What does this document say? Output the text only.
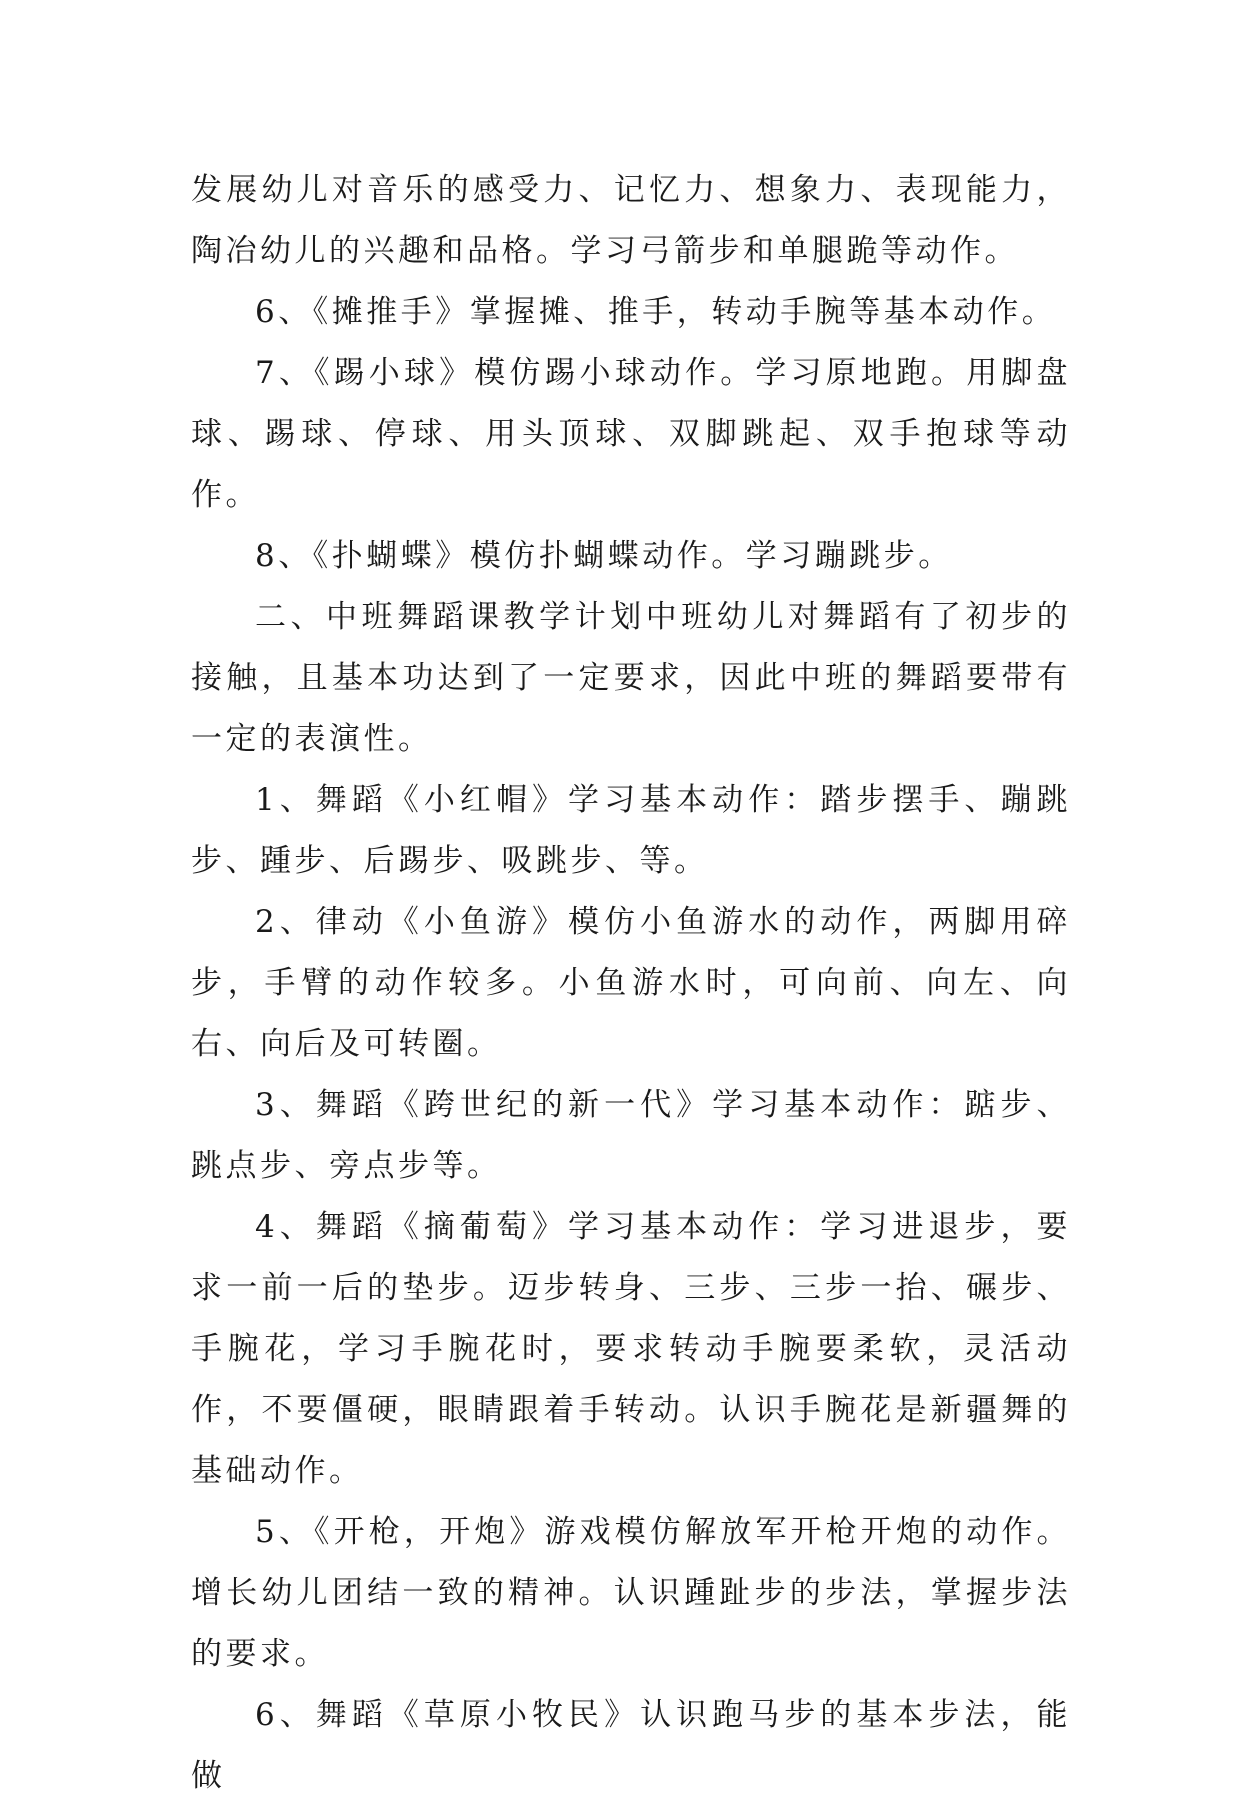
发展幼儿对音乐的感受力、记忆力、想象力、表现能力，陶冶幼儿的兴趣和品格。学习弓箭步和单腿跪等动作。

6、《摊推手》掌握摊、推手，转动手腕等基本动作。

7、《踢小球》模仿踢小球动作。学习原地跑。用脚盘球、踢球、停球、用头顶球、双脚跳起、双手抱球等动作。

8、《扑蝴蝶》模仿扑蝴蝶动作。学习蹦跳步。

二、中班舞蹈课教学计划中班幼儿对舞蹈有了初步的接触，且基本功达到了一定要求，因此中班的舞蹈要带有一定的表演性。

1、舞蹈《小红帽》学习基本动作：踏步摆手、蹦跳步、踵步、后踢步、吸跳步、等。

2、律动《小鱼游》模仿小鱼游水的动作，两脚用碎步，手臂的动作较多。小鱼游水时，可向前、向左、向右、向后及可转圈。

3、舞蹈《跨世纪的新一代》学习基本动作：踮步、跳点步、旁点步等。

4、舞蹈《摘葡萄》学习基本动作：学习进退步，要求一前一后的垫步。迈步转身、三步、三步一抬、碾步、手腕花，学习手腕花时，要求转动手腕要柔软，灵活动作，不要僵硬，眼睛跟着手转动。认识手腕花是新疆舞的基础动作。

5、《开枪，开炮》游戏模仿解放军开枪开炮的动作。增长幼儿团结一致的精神。认识踵趾步的步法，掌握步法的要求。

6、舞蹈《草原小牧民》认识跑马步的基本步法，能做
